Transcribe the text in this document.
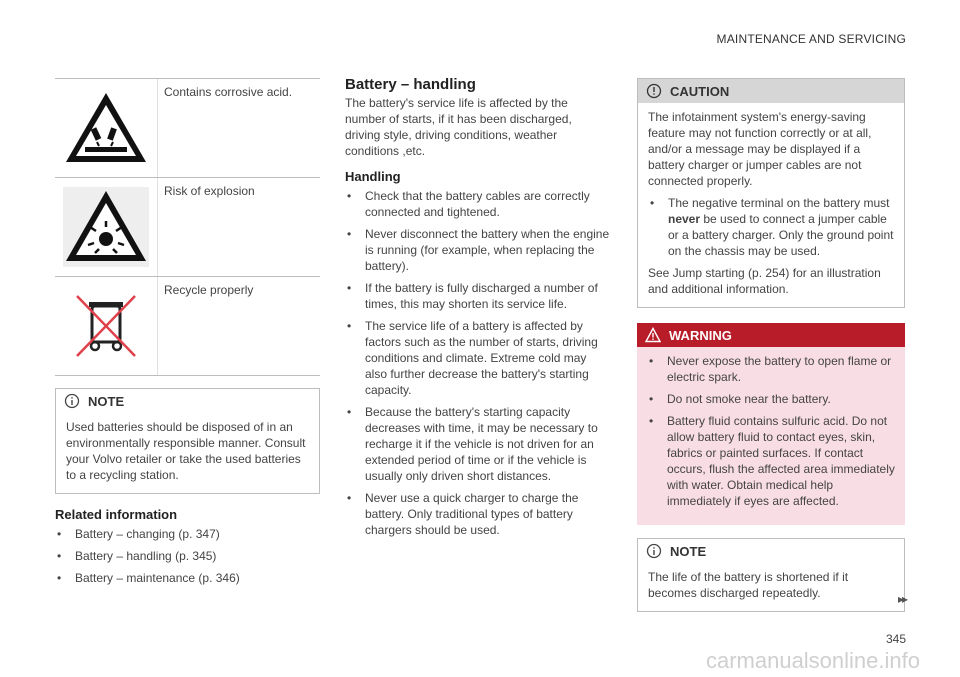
MAINTENANCE AND SERVICING
Contains corrosive acid.
Risk of explosion
Recycle properly
NOTE
Used batteries should be disposed of in an environmentally responsible manner. Consult your Volvo retailer or take the used batteries to a recycling station.
Related information
• Battery – changing (p. 347)
• Battery – handling (p. 345)
• Battery – maintenance (p. 346)
Battery – handling

The battery's service life is affected by the number of starts, if it has been discharged, driving style, driving conditions, weather conditions ,etc.

Handling
• Check that the battery cables are correctly connected and tightened.
• Never disconnect the battery when the engine is running (for example, when replacing the battery).
• If the battery is fully discharged a number of times, this may shorten its service life.
• The service life of a battery is affected by factors such as the number of starts, driving conditions and climate. Extreme cold may also further decrease the battery's starting capacity.
• Because the battery's starting capacity decreases with time, it may be necessary to recharge it if the vehicle is not driven for an extended period of time or if the vehicle is usually only driven short distances.
• Never use a quick charger to charge the battery. Only traditional types of battery chargers should be used.
CAUTION

The infotainment system's energy-saving feature may not function correctly or at all, and/or a message may be displayed if a battery charger or jumper cables are not connected properly.

• The negative terminal on the battery must never be used to connect a jumper cable or a battery charger. Only the ground point on the chassis may be used.

See Jump starting (p. 254) for an illustration and additional information.

WARNING
• Never expose the battery to open flame or electric spark.
• Do not smoke near the battery.
• Battery fluid contains sulfuric acid. Do not allow battery fluid to contact eyes, skin, fabrics or painted surfaces. If contact occurs, flush the affected area immediately with water. Obtain medical help immediately if eyes are affected.
NOTE
The life of the battery is shortened if it becomes discharged repeatedly.	▸▸
345
carmanualsonline.info
